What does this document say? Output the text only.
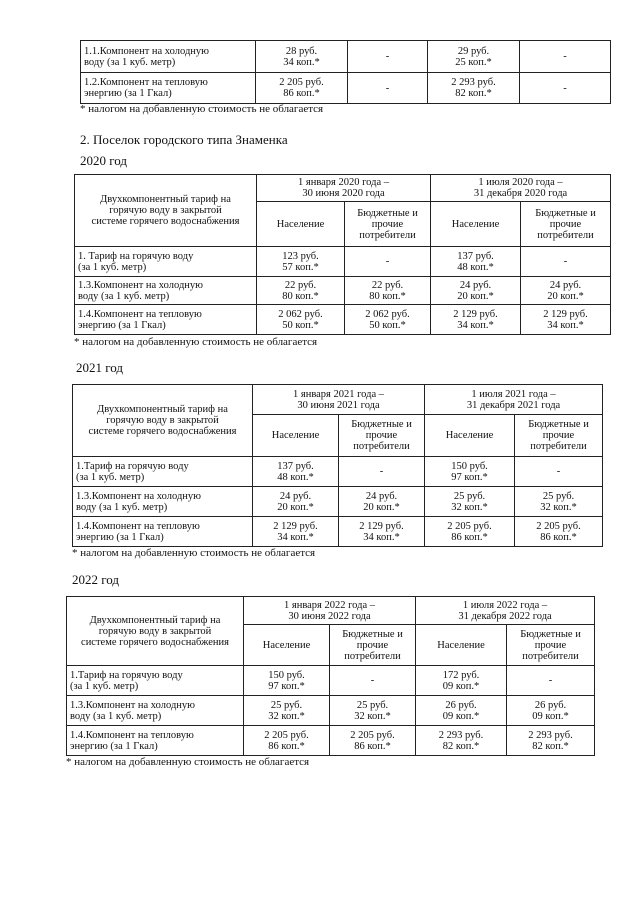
1.1.Компонент на холодную
воду (за 1 куб. метр)	28 руб.
34 коп.*	-	29 руб.
25 коп.*	-
1.2.Компонент на тепловую
энергию (за 1 Гкал)	2 205 руб.
86 коп.*	-	2 293 руб.
82 коп.*	-
* налогом на добавленную стоимость не облагается
2. Поселок городского типа Знаменка
2020 год
Двухкомпонентный тариф на
горячую воду в закрытой
системе горячего водоснабжения	1 января 2020 года –
30 июня 2020 года		1 июля 2020 года –
31 декабря 2020 года	
	Население	Бюджетные и
прочие
потребители	Население	Бюджетные и
прочие
потребители
1. Тариф на горячую воду
(за 1 куб. метр)	123 руб.
57 коп.*	-	137 руб.
48 коп.*	-
1.3.Компонент на холодную
воду (за 1 куб. метр)	22 руб.
80 коп.*	22 руб.
80 коп.*	24 руб.
20 коп.*	24 руб.
20 коп.*
1.4.Компонент на тепловую
энергию (за 1 Гкал)	2 062 руб.
50 коп.*	2 062 руб.
50 коп.*	2 129 руб.
34 коп.*	2 129 руб.
34 коп.*
* налогом на добавленную стоимость не облагается
2021 год
Двухкомпонентный тариф на
горячую воду в закрытой
системе горячего водоснабжения	1 января 2021 года –
30 июня 2021 года		1 июля 2021 года –
31 декабря 2021 года	
	Население	Бюджетные и
прочие
потребители	Население	Бюджетные и
прочие
потребители
1.Тариф на горячую воду
(за 1 куб. метр)	137 руб.
48 коп.*	-	150 руб.
97 коп.*	-
1.3.Компонент на холодную
воду (за 1 куб. метр)	24 руб.
20 коп.*	24 руб.
20 коп.*	25 руб.
32 коп.*	25 руб.
32 коп.*
1.4.Компонент на тепловую
энергию (за 1 Гкал)	2 129 руб.
34 коп.*	2 129 руб.
34 коп.*	2 205 руб.
86 коп.*	2 205 руб.
86 коп.*
* налогом на добавленную стоимость не облагается
2022 год
Двухкомпонентный тариф на
горячую воду в закрытой
системе горячего водоснабжения	1 января 2022 года –
30 июня 2022 года		1 июля 2022 года –
31 декабря 2022 года	
	Население	Бюджетные и
прочие
потребители	Население	Бюджетные и
прочие
потребители
1.Тариф на горячую воду
(за 1 куб. метр)	150 руб.
97 коп.*	-	172 руб.
09 коп.*	-
1.3.Компонент на холодную
воду (за 1 куб. метр)	25 руб.
32 коп.*	25 руб.
32 коп.*	26 руб.
09 коп.*	26 руб.
09 коп.*
1.4.Компонент на тепловую
энергию (за 1 Гкал)	2 205 руб.
86 коп.*	2 205 руб.
86 коп.*	2 293 руб.
82 коп.*	2 293 руб.
82 коп.*
* налогом на добавленную стоимость не облагается
